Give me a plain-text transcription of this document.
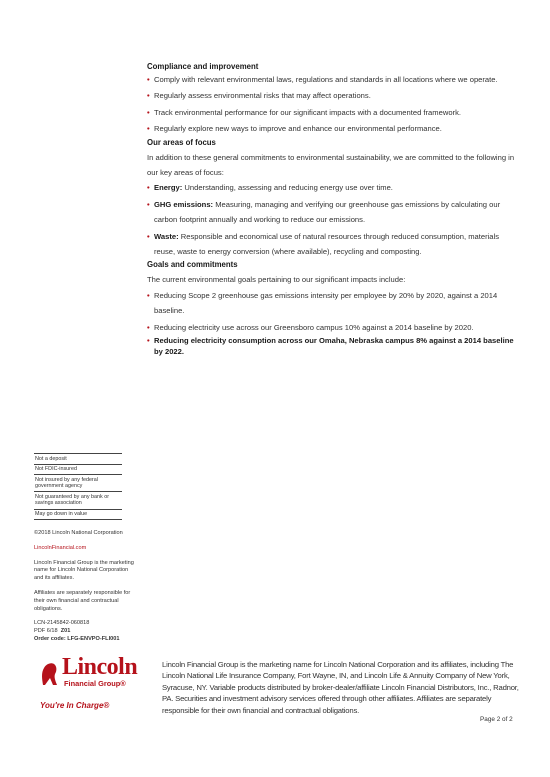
Compliance and improvement

• Comply with relevant environmental laws, regulations and standards in all locations where we operate.
• Regularly assess environmental risks that may affect operations.
• Track environmental performance for our significant impacts with a documented framework.
• Regularly explore new ways to improve and enhance our environmental performance.

Our areas of focus

In addition to these general commitments to environmental sustainability, we are committed to the following in our key areas of focus:

• Energy: Understanding, assessing and reducing energy use over time.
• GHG emissions: Measuring, managing and verifying our greenhouse gas emissions by calculating our carbon footprint annually and working to reduce our emissions.
• Waste: Responsible and economical use of natural resources through reduced consumption, materials reuse, waste to energy conversion (where available), recycling and composting.

Goals and commitments

The current environmental goals pertaining to our significant impacts include:

• Reducing Scope 2 greenhouse gas emissions intensity per employee by 20% by 2020, against a 2014 baseline.
• Reducing electricity use across our Greensboro campus 10% against a 2014 baseline by 2020.
• Reducing electricity consumption across our Omaha, Nebraska campus 8% against a 2014 baseline by 2022.
Not a deposit
Not FDIC-insured
Not insured by any federal government agency
Not guaranteed by any bank or savings association
May go down in value

©2018 Lincoln National Corporation

LincolnFinancial.com

Lincoln Financial Group is the marketing name for Lincoln National Corporation and its affiliates.

Affiliates are separately responsible for their own financial and contractual obligations.

LCN-2145842-060818
PDF 6/18 Z01
Order code: LFG-ENVPO-FLI001
Lincoln
Financial Group®
You're In Charge®
Lincoln Financial Group is the marketing name for Lincoln National Corporation and its affiliates, including The Lincoln National Life Insurance Company, Fort Wayne, IN, and Lincoln Life & Annuity Company of New York, Syracuse, NY. Variable products distributed by broker-dealer/affiliate Lincoln Financial Distributors, Inc., Radnor, PA. Securities and investment advisory services offered through other affiliates. Affiliates are separately responsible for their own financial and contractual obligations.
Page 2 of 2
